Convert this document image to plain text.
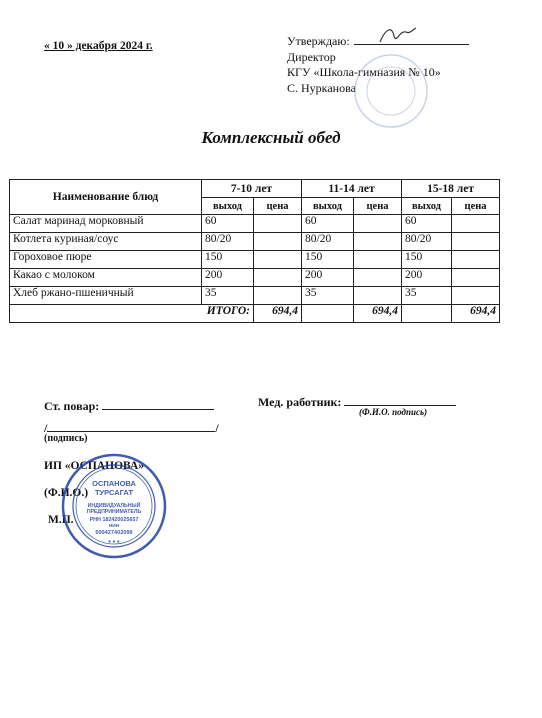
« 10 » декабря 2024 г.	Утверждаю:
Директор
КГУ «Школа-гимназия № 10»
С. Нурканова
Комплексный обед
Наименование блюд	7-10 лет		11-14 лет		15-18 лет	
	выход	цена	выход	цена	выход	цена
Салат маринад морковный	60		60		60	
Котлета куриная/соус	80/20		80/20		80/20	
Гороховое пюре	150		150		150	
Какао с молоком	200		200		200	
Хлеб ржано-пшеничный	35		35		35	
ИТОГО:		694,4		694,4		694,4
Ст. повар:	Мед. работник:
(Ф.И.О. подпись)
/	/
(подпись)
ИП «ОСПАНОВА»
(Ф.И.О.)
М.П.
ОСПАНОВА
ТУРСАГАТ
ИНДИВИДУАЛЬНЫЙ
ПРЕДПРИНИМАТЕЛЬ
РНН 182420025657
ИИН
500427402099
• • •
